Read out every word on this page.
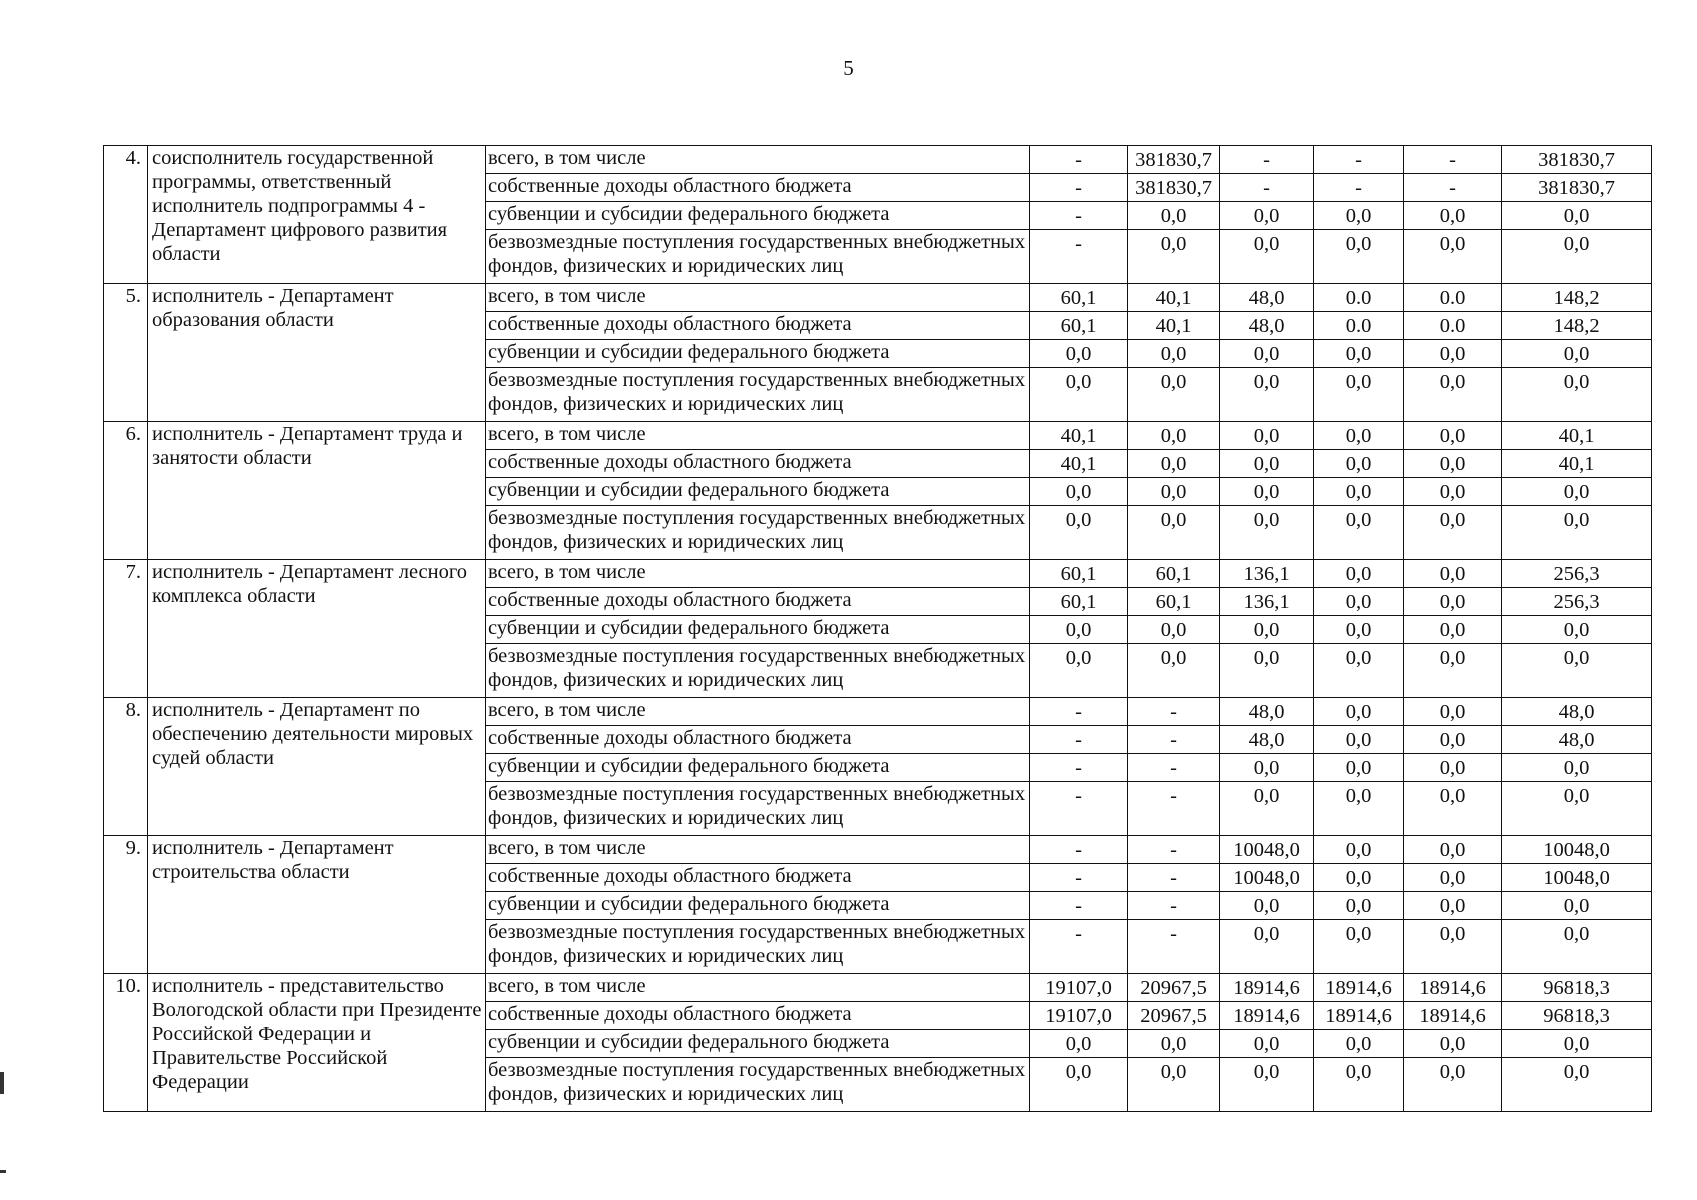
5
4.	соисполнитель государственной программы, ответственный исполнитель подпрограммы 4 - Департамент цифрового развития области	всего, в том числе	-	381830,7	-	-	-	381830,7
		собственные доходы областного бюджета	-	381830,7	-	-	-	381830,7
		субвенции и субсидии федерального бюджета	-	0,0	0,0	0,0	0,0	0,0
		безвозмездные поступления государственных внебюджетных фондов, физических и юридических лиц	-	0,0	0,0	0,0	0,0	0,0
5.	исполнитель - Департамент образования области	всего, в том числе	60,1	40,1	48,0	0.0	0.0	148,2
		собственные доходы областного бюджета	60,1	40,1	48,0	0.0	0.0	148,2
		субвенции и субсидии федерального бюджета	0,0	0,0	0,0	0,0	0,0	0,0
		безвозмездные поступления государственных внебюджетных фондов, физических и юридических лиц	0,0	0,0	0,0	0,0	0,0	0,0
6.	исполнитель - Департамент труда и занятости области	всего, в том числе	40,1	0,0	0,0	0,0	0,0	40,1
		собственные доходы областного бюджета	40,1	0,0	0,0	0,0	0,0	40,1
		субвенции и субсидии федерального бюджета	0,0	0,0	0,0	0,0	0,0	0,0
		безвозмездные поступления государственных внебюджетных фондов, физических и юридических лиц	0,0	0,0	0,0	0,0	0,0	0,0
7.	исполнитель - Департамент лесного комплекса области	всего, в том числе	60,1	60,1	136,1	0,0	0,0	256,3
		собственные доходы областного бюджета	60,1	60,1	136,1	0,0	0,0	256,3
		субвенции и субсидии федерального бюджета	0,0	0,0	0,0	0,0	0,0	0,0
		безвозмездные поступления государственных внебюджетных фондов, физических и юридических лиц	0,0	0,0	0,0	0,0	0,0	0,0
8.	исполнитель - Департамент по обеспечению деятельности мировых судей области	всего, в том числе	-	-	48,0	0,0	0,0	48,0
		собственные доходы областного бюджета	-	-	48,0	0,0	0,0	48,0
		субвенции и субсидии федерального бюджета	-	-	0,0	0,0	0,0	0,0
		безвозмездные поступления государственных внебюджетных фондов, физических и юридических лиц	-	-	0,0	0,0	0,0	0,0
9.	исполнитель - Департамент строительства области	всего, в том числе	-	-	10048,0	0,0	0,0	10048,0
		собственные доходы областного бюджета	-	-	10048,0	0,0	0,0	10048,0
		субвенции и субсидии федерального бюджета	-	-	0,0	0,0	0,0	0,0
		безвозмездные поступления государственных внебюджетных фондов, физических и юридических лиц	-	-	0,0	0,0	0,0	0,0
10.	исполнитель - представительство Вологодской области при Президенте Российской Федерации и Правительстве Российской Федерации	всего, в том числе	19107,0	20967,5	18914,6	18914,6	18914,6	96818,3
		собственные доходы областного бюджета	19107,0	20967,5	18914,6	18914,6	18914,6	96818,3
		субвенции и субсидии федерального бюджета	0,0	0,0	0,0	0,0	0,0	0,0
		безвозмездные поступления государственных внебюджетных фондов, физических и юридических лиц	0,0	0,0	0,0	0,0	0,0	0,0
